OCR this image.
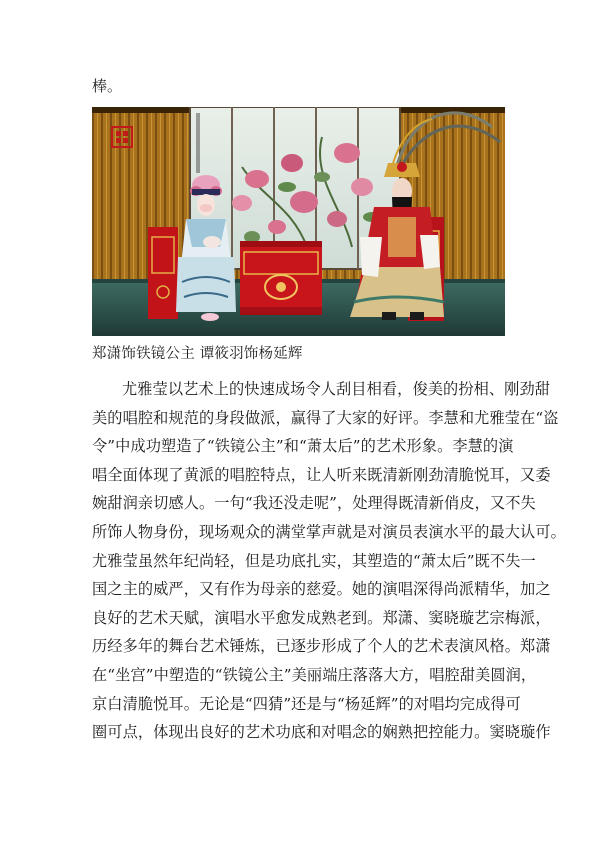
棒。
郑潇饰铁镜公主 谭筱羽饰杨延辉
尤雅莹以艺术上的快速成场令人刮目相看，俊美的扮相、刚劲甜
美的唱腔和规范的身段做派，赢得了大家的好评。李慧和尤雅莹在“盗
令”中成功塑造了“铁镜公主”和“萧太后”的艺术形象。李慧的演
唱全面体现了黄派的唱腔特点，让人听来既清新刚劲清脆悦耳，又委
婉甜润亲切感人。一句“我还没走呢”，处理得既清新俏皮，又不失
所饰人物身份，现场观众的满堂掌声就是对演员表演水平的最大认可。
尤雅莹虽然年纪尚轻，但是功底扎实，其塑造的“萧太后”既不失一
国之主的威严，又有作为母亲的慈爱。她的演唱深得尚派精华，加之
良好的艺术天赋，演唱水平愈发成熟老到。郑潇、窦晓璇艺宗梅派，
历经多年的舞台艺术锤炼，已逐步形成了个人的艺术表演风格。郑潇
在“坐宫”中塑造的“铁镜公主”美丽端庄落落大方，唱腔甜美圆润，
京白清脆悦耳。无论是“四猜”还是与“杨延辉”的对唱均完成得可
圈可点，体现出良好的艺术功底和对唱念的娴熟把控能力。窦晓璇作
